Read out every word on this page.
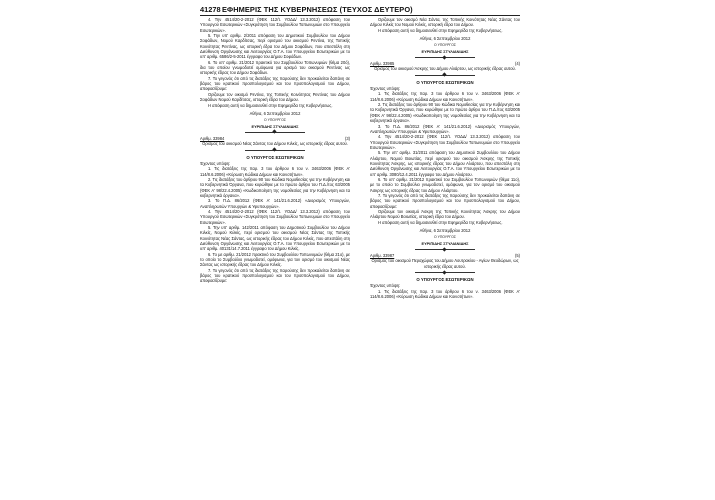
41278 ΕΦΗΜΕΡΙΣ ΤΗΣ ΚΥΒΕΡΝΗΣΕΩΣ (ΤΕΥΧΟΣ ΔΕΥΤΕΡΟ)

4. Την 4514/20-2-2012 (ΦΕΚ 112/τ. ΥΟΔΔ/ 13.3.2012) απόφαση του Υπουργού Εσωτερικών «Συγκρότηση του Συμβουλίου Τοπωνυμιών στο Υπουργείο Εσωτερικών».

5. Την υπ' αριθμ. 2/2011 απόφαση του Δημοτικού Συμβουλίου του Δήμου Σοφάδων, Νομού Καρδίτσας, περί ορισμού του οικισμού Ρεντίνα, της Τοπικής Κοινότητας Ρεντίνας, ως ιστορική έδρα του Δήμου Σοφάδων, που απεστάλη στη Διεύθυνση Οργάνωσης και Λειτουργίας Ο.Τ.Α. του Υπουργείου Εσωτερικών με το υπ' αριθμ. 6586/2-5-2011 έγγραφο του Δήμου Σοφάδων.

6. Το υπ' αριθμ. 21/2012 πρακτικό του Συμβουλίου Τοπωνυμιών (θέμα 20ό), δια του οποίου γνωμοδοτεί ομόφωνα για ορισμό του οικισμού Ρεντίνας ως ιστορικής έδρας του Δήμου Σοφάδων.

7. Το γεγονός ότι από τις διατάξεις της παρούσης δεν προκαλείται δαπάνη σε βάρος του κρατικού προϋπολογισμού και του προϋπολογισμού του Δήμου, αποφασίζουμε:

Ορίζουμε τον οικισμό Ρεντίνα, της Τοπικής Κοινότητας Ρεντίνας του Δήμου Σοφάδων Νομού Καρδίτσας, ιστορική έδρα του Δήμου.

Η απόφαση αυτή να δημοσιευθεί στην Εφημερίδα της Κυβερνήσεως.

Αθήνα, 6 Σεπτεμβρίου 2012

Ο ΥΠΟΥΡΓΟΣ

ΕΥΡΙΠΙΔΗΣ ΣΤΥΛΙΑΝΙΔΗΣ

Αριθμ. 33984	(3)

Ορισμός του οικισμού Νέας Σάντας του Δήμου Κιλκίς, ως ιστορικής έδρας αυτού.

Ο ΥΠΟΥΡΓΟΣ ΕΣΩΤΕΡΙΚΩΝ

Έχοντας υπόψη:

1. Τις διατάξεις της παρ. 3 του άρθρου 6 του ν. 3463/2006 (ΦΕΚ Α' 114/8.6.2006) «Κύρωση Κώδικα Δήμων και Κοινοτήτων».

2. Τις διατάξεις του άρθρου 90 του Κώδικα Νομοθεσίας για την Κυβέρνηση και τα Κυβερνητικά Όργανα, που κυρώθηκε με το πρώτο άρθρο του Π.Δ./τος 63/2005 (ΦΕΚ Α' 98/22.4.2005) «Κωδικοποίηση της νομοθεσίας για την Κυβέρνηση και τα κυβερνητικά όργανα».

3. Το Π.Δ. 86/2012 (ΦΕΚ Α' 141/21.6.2012) «Διορισμός Υπουργών, Αναπληρωτών Υπουργών & Υφυπουργών».

4. Την 4514/20-2-2012 (ΦΕΚ 112/τ. ΥΟΔΔ/ 13.3.2012) απόφαση του Υπουργού Εσωτερικών «Συγκρότηση του Συμβουλίου Τοπωνυμιών στο Υπουργείο Εσωτερικών».

5. Την υπ' αριθμ. 142/2011 απόφαση του Δημοτικού Συμβουλίου του Δήμου Κιλκίς, Νομού Κιλκίς, περί ορισμού του οικισμού Νέας Σάντας της Τοπικής Κοινότητας Νέας Σάντας, ως ιστορικής έδρας του Δήμου Κιλκίς, που απεστάλη στη Διεύθυνση Οργάνωσης και Λειτουργίας Ο.Τ.Α. του Υπουργείου Εσωτερικών με το υπ' αριθμ. 40131/14.7.2011 έγγραφο του Δήμου Κιλκίς.

6. Το με αριθμ. 21/2012 πρακτικό του Συμβουλίου Τοπωνυμιών (θέμα 21ο), με το οποίο το Συμβούλιο γνωμοδοτεί, ομόφωνα, για τον ορισμό του οικισμού Νέας Σάντας ως ιστορικής έδρας του Δήμου Κιλκίς.

7. Το γεγονός ότι από τις διατάξεις της παρούσης δεν προκαλείται δαπάνη σε βάρος του κρατικού προϋπολογισμού και του προϋπολογισμού του Δήμου, αποφασίζουμε:

Ορίζουμε τον οικισμό Νέα Σάντα, της Τοπικής Κοινότητας Νέας Σάντας του Δήμου Κιλκίς του Νομού Κιλκίς, ιστορική έδρα του Δήμου.

Η απόφαση αυτή να δημοσιευθεί στην Εφημερίδα της Κυβερνήσεως.

Αθήνα, 6 Σεπτεμβρίου 2012

Ο ΥΠΟΥΡΓΟΣ

ΕΥΡΙΠΙΔΗΣ ΣΤΥΛΙΑΝΙΔΗΣ

Αριθμ. 33985	(4)

Ορισμός του οικισμού Άσκρης του Δήμου Αλιάρτου, ως ιστορικής έδρας αυτού.

Ο ΥΠΟΥΡΓΟΣ ΕΣΩΤΕΡΙΚΩΝ

Έχοντας υπόψη:

1. Τις διατάξεις της παρ. 3 του άρθρου 6 του ν. 3463/2006 (ΦΕΚ Α' 114/8.6.2006) «Κύρωση Κώδικα Δήμων και Κοινοτήτων».

2. Τις διατάξεις του άρθρου 90 του Κώδικα Νομοθεσίας για την Κυβέρνηση και τα Κυβερνητικά Όργανα, που κυρώθηκε με το πρώτο άρθρο του Π.Δ./τος 63/2005 (ΦΕΚ Α' 98/22.4.2005) «Κωδικοποίηση της νομοθεσίας για την Κυβέρνηση και τα κυβερνητικά όργανα».

3. Το Π.Δ. 86/2012 (ΦΕΚ Α' 141/21.6.2012) «Διορισμός Υπουργών, Αναπληρωτών Υπουργών & Υφυπουργών».

4. Την 4514/20-2-2012 (ΦΕΚ 112/τ. ΥΟΔΔ/ 13.3.2012) απόφαση του Υπουργού Εσωτερικών «Συγκρότηση του Συμβουλίου Τοπωνυμιών στο Υπουργείο Εσωτερικών».

5. Την υπ' αριθμ. 31/2011 απόφαση του Δημοτικού Συμβουλίου του Δήμου Αλιάρτου, Νομού Βοιωτίας, περί ορισμού του οικισμού Άσκρης της Τοπικής Κοινότητας Άσκρης, ως ιστορικής έδρας του Δήμου Αλιάρτου, που απεστάλη στη Διεύθυνση Οργάνωσης και Λειτουργίας Ο.Τ.Α. του Υπουργείου Εσωτερικών με το υπ' αριθμ. 3080/12.4.2011 έγγραφο του Δήμου Αλιάρτου.

6. Το υπ' αριθμ. 21/2012 πρακτικό του Συμβουλίου Τοπωνυμιών (θέμα 11ο), με το οποίο το Συμβούλιο γνωμοδοτεί, ομόφωνα, για τον ορισμό του οικισμού Άσκρης ως ιστορικής έδρας του Δήμου Αλιάρτου.

7. Το γεγονός ότι από τις διατάξεις της παρούσης δεν προκαλείται δαπάνη σε βάρος του κρατικού προϋπολογισμού και του προϋπολογισμού του Δήμου, αποφασίζουμε:

Ορίζουμε τον οικισμό Άσκρη της Τοπικής Κοινότητας Άσκρης του Δήμου Αλιάρτου Νομού Βοιωτίας, ιστορική έδρα του Δήμου.

Η απόφαση αυτή να δημοσιευθεί στην Εφημερίδα της Κυβερνήσεως.

Αθήνα, 6 Σεπτεμβρίου 2012

Ο ΥΠΟΥΡΓΟΣ

ΕΥΡΙΠΙΔΗΣ ΣΤΥΛΙΑΝΙΔΗΣ

Αριθμ. 33987	(5)

Ορισμός του οικισμού Περαχώρας του Δήμου Λουτρακίου - Αγίων Θεοδώρων, ως ιστορικής έδρας αυτού.

Ο ΥΠΟΥΡΓΟΣ ΕΣΩΤΕΡΙΚΩΝ

Έχοντας υπόψη:

1. Τις διατάξεις της παρ. 3 του άρθρου 6 του ν. 3463/2006 (ΦΕΚ Α' 114/8.6.2006) «Κύρωση Κώδικα Δήμων και Κοινοτήτων».
